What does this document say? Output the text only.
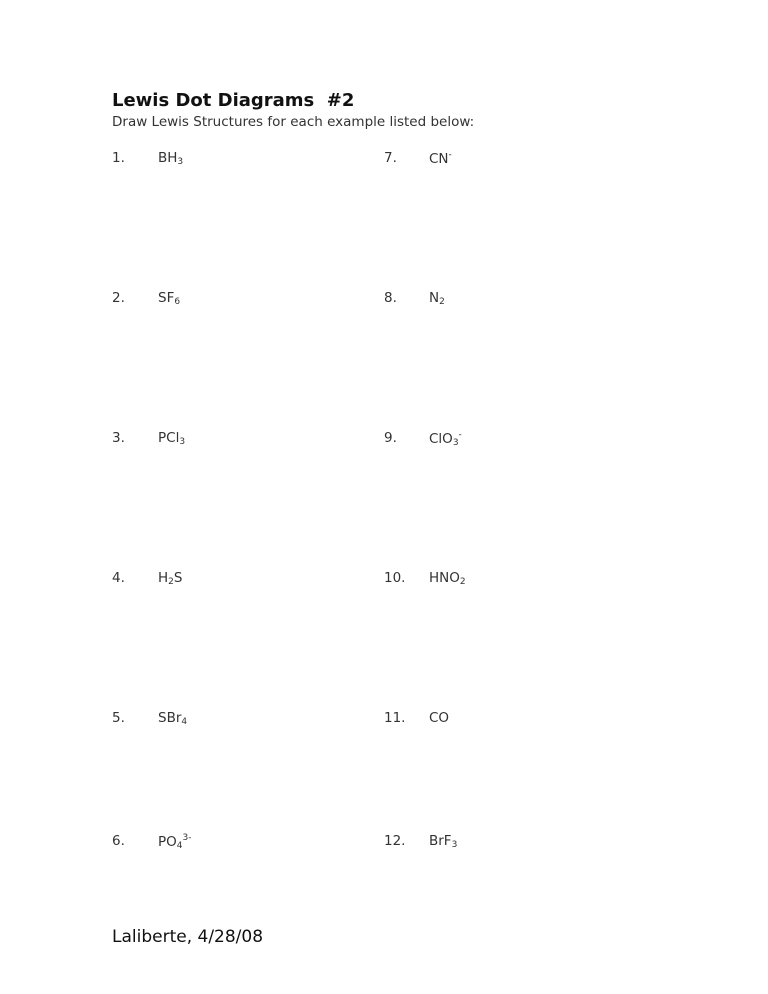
Lewis Dot Diagrams  #2
Draw Lewis Structures for each example listed below:
1. $BH_3$
2. $SF_6$
3. PCl$_3$
4. $H_2S$
5. SBr$_4$
6. $PO_4^{3-}$
7. CN-
8. $N_2$
9. ClO$_3$-
10. $HNO_2$
11. CO
12. BrF$_3$
Laliberte, 4/28/08
